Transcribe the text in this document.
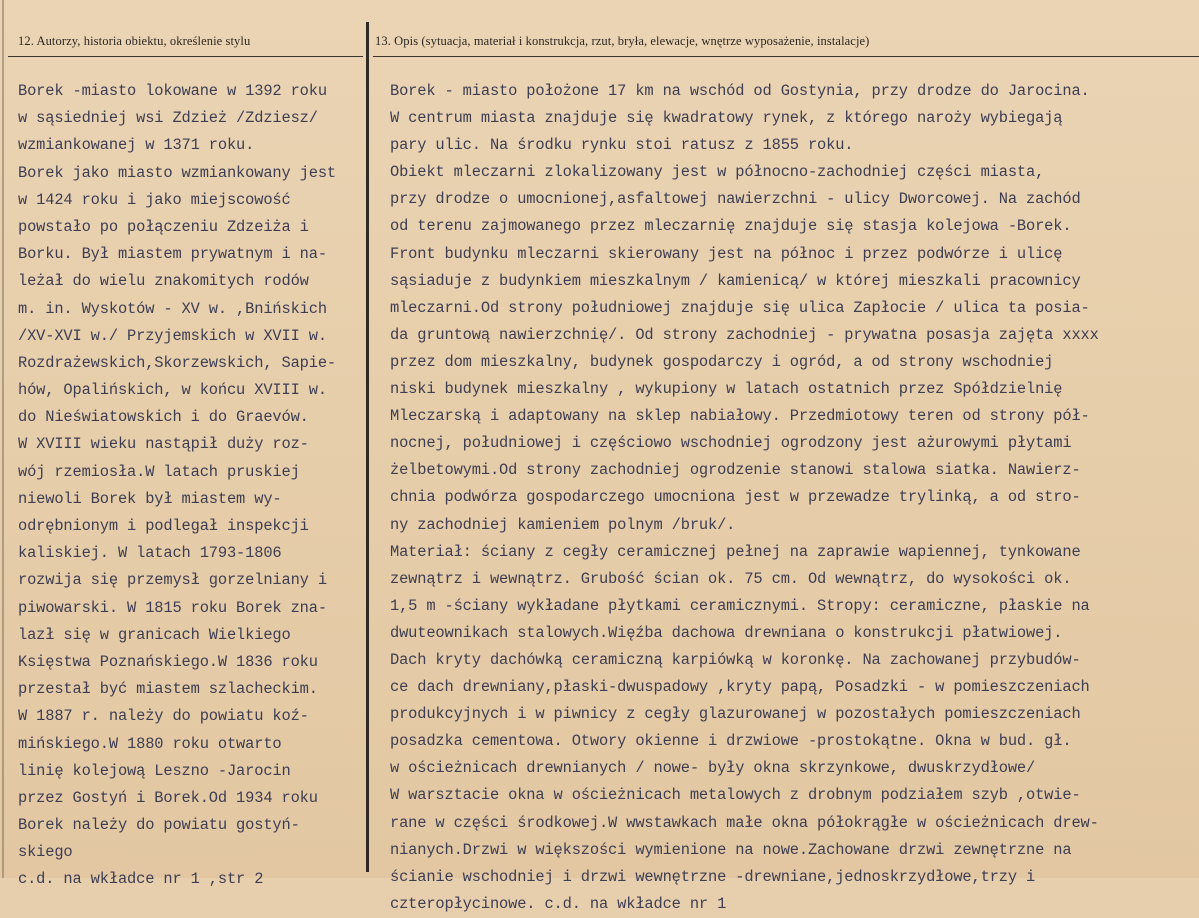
12. Autorzy, historia obiektu, określenie stylu	13. Opis (sytuacja, materiał i konstrukcja, rzut, bryła, elewacje, wnętrze wyposażenie, instalacje)
Borek -miasto lokowane w 1392 roku
w sąsiedniej wsi Zdzież /Zdziesz/
wzmiankowanej w 1371 roku.
Borek jako miasto wzmiankowany jest
w 1424 roku i jako miejscowość
powstało po połączeniu Zdzeiża i
Borku. Był miastem prywatnym i na-
leżał do wielu znakomitych rodów
m. in. Wyskotów - XV w. ,Bnińskich
/XV-XVI w./ Przyjemskich w XVII w.
Rozdrażewskich,Skorzewskich, Sapie-
hów, Opalińskich, w końcu XVIII w.
do Nieświatowskich i do Graevów.
W XVIII wieku nastąpił duży roz-
wój rzemiosła.W latach pruskiej
niewoli Borek był miastem wy-
odrębnionym i podlegał inspekcji
kaliskiej. W latach 1793-1806
rozwija się przemysł gorzelniany i
piwowarski. W 1815 roku Borek zna-
lazł się w granicach Wielkiego
Księstwa Poznańskiego.W 1836 roku
przestał być miastem szlacheckim.
W 1887 r. należy do powiatu koź-
mińskiego.W 1880 roku otwarto
linię kolejową Leszno -Jarocin
przez Gostyń i Borek.Od 1934 roku
Borek należy do powiatu gostyń-
skiego
c.d. na wkładce nr 1 ,str 2
Borek - miasto położone 17 km na wschód od Gostynia, przy drodze do Jarocina.
W centrum miasta znajduje się kwadratowy rynek, z którego naroży wybiegają
pary ulic. Na środku rynku stoi ratusz z 1855 roku.
Obiekt mleczarni zlokalizowany jest w północno-zachodniej części miasta,
przy drodze o umocnionej,asfaltowej nawierzchni - ulicy Dworcowej. Na zachód
od terenu zajmowanego przez mleczarnię znajduje się stasja kolejowa -Borek.
Front budynku mleczarni skierowany jest na północ i przez podwórze i ulicę
sąsiaduje z budynkiem mieszkalnym / kamienicą/ w której mieszkali pracownicy
mleczarni.Od strony południowej znajduje się ulica Zapłocie / ulica ta posia-
da gruntową nawierzchnię/. Od strony zachodniej - prywatna posasja zajęta xxxx
przez dom mieszkalny, budynek gospodarczy i ogród, a od strony wschodniej
niski budynek mieszkalny , wykupiony w latach ostatnich przez Spółdzielnię
Mleczarską i adaptowany na sklep nabiałowy. Przedmiotowy teren od strony pół-
nocnej, południowej i częściowo wschodniej ogrodzony jest ażurowymi płytami
żelbetowymi.Od strony zachodniej ogrodzenie stanowi stalowa siatka. Nawierz-
chnia podwórza gospodarczego umocniona jest w przewadze trylinką, a od stro-
ny zachodniej kamieniem polnym /bruk/.
Materiał: ściany z cegły ceramicznej pełnej na zaprawie wapiennej, tynkowane
zewnątrz i wewnątrz. Grubość ścian ok. 75 cm. Od wewnątrz, do wysokości ok.
1,5 m -ściany wykładane płytkami ceramicznymi. Stropy: ceramiczne, płaskie na
dwuteownikach stalowych.Więźba dachowa drewniana o konstrukcji płatwiowej.
Dach kryty dachówką ceramiczną karpiówką w koronkę. Na zachowanej przybudów-
ce dach drewniany,płaski-dwuspadowy ,kryty papą, Posadzki - w pomieszczeniach
produkcyjnych i w piwnicy z cegły glazurowanej w pozostałych pomieszczeniach
posadzka cementowa. Otwory okienne i drzwiowe -prostokątne. Okna w bud. gł.
w ościeżnicach drewnianych / nowe- były okna skrzynkowe, dwuskrzydłowe/
W warsztacie okna w ościeżnicach metalowych z drobnym podziałem szyb ,otwie-
rane w części środkowej.W wwstawkach małe okna półokrągłe w ościeżnicach drew-
nianych.Drzwi w większości wymienione na nowe.Zachowane drzwi zewnętrzne na
ścianie wschodniej i drzwi wewnętrzne -drewniane,jednoskrzydłowe,trzy i
czteropłycinowe. c.d. na wkładce nr 1
